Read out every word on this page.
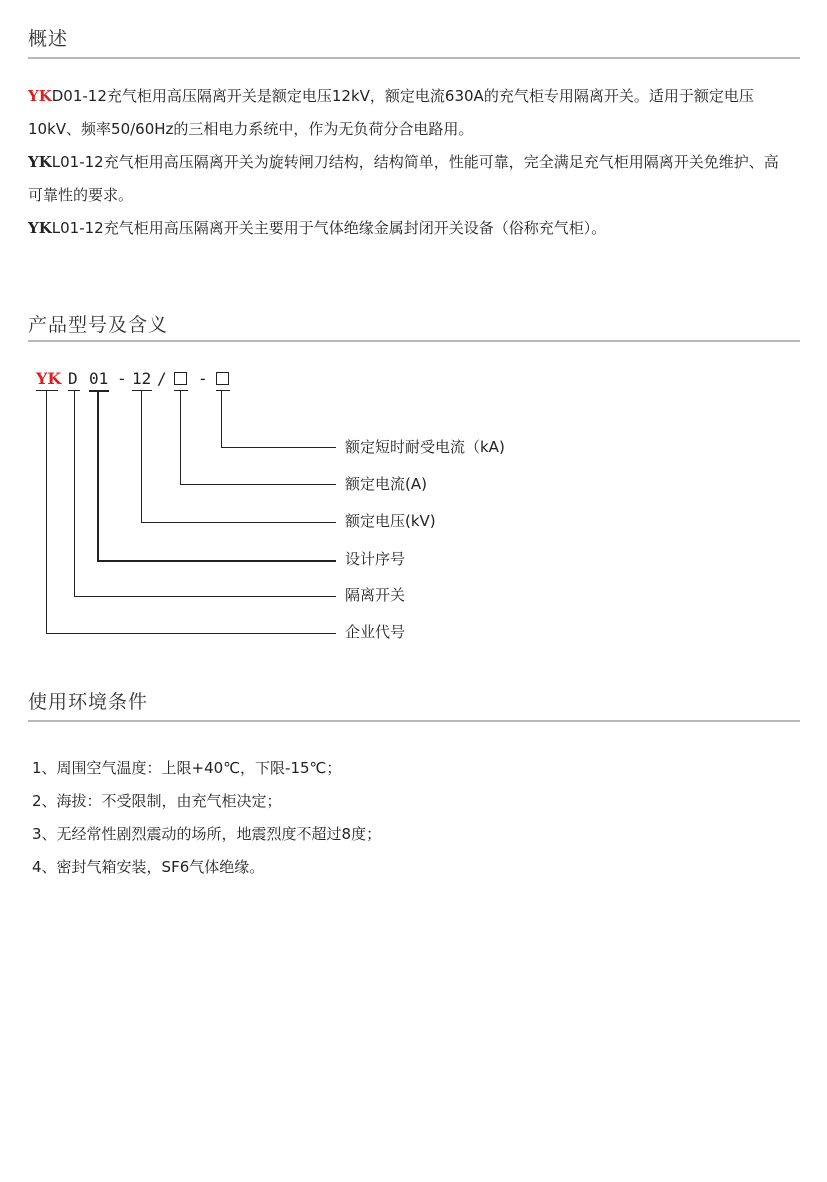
概述

YKD01-12充气柜用高压隔离开关是额定电压12kV，额定电流630A的充气柜专用隔离开关。适用于额定电压10kV、频率50/60Hz的三相电力系统中，作为无负荷分合电路用。

YKL01-12充气柜用高压隔离开关为旋转闸刀结构，结构简单，性能可靠，完全满足充气柜用隔离开关免维护、高可靠性的要求。

YKL01-12充气柜用高压隔离开关主要用于气体绝缘金属封闭开关设备（俗称充气柜）。

产品型号及含义
YK D 01 - 12 / -
额定短时耐受电流（kA)
额定电流(A)
额定电压(kV)
设计序号
隔离开关
企业代号
使用环境条件

1、周围空气温度：上限+40℃，下限-15℃；

2、海拔：不受限制，由充气柜决定；

3、无经常性剧烈震动的场所，地震烈度不超过8度；

4、密封气箱安装，SF6气体绝缘。
